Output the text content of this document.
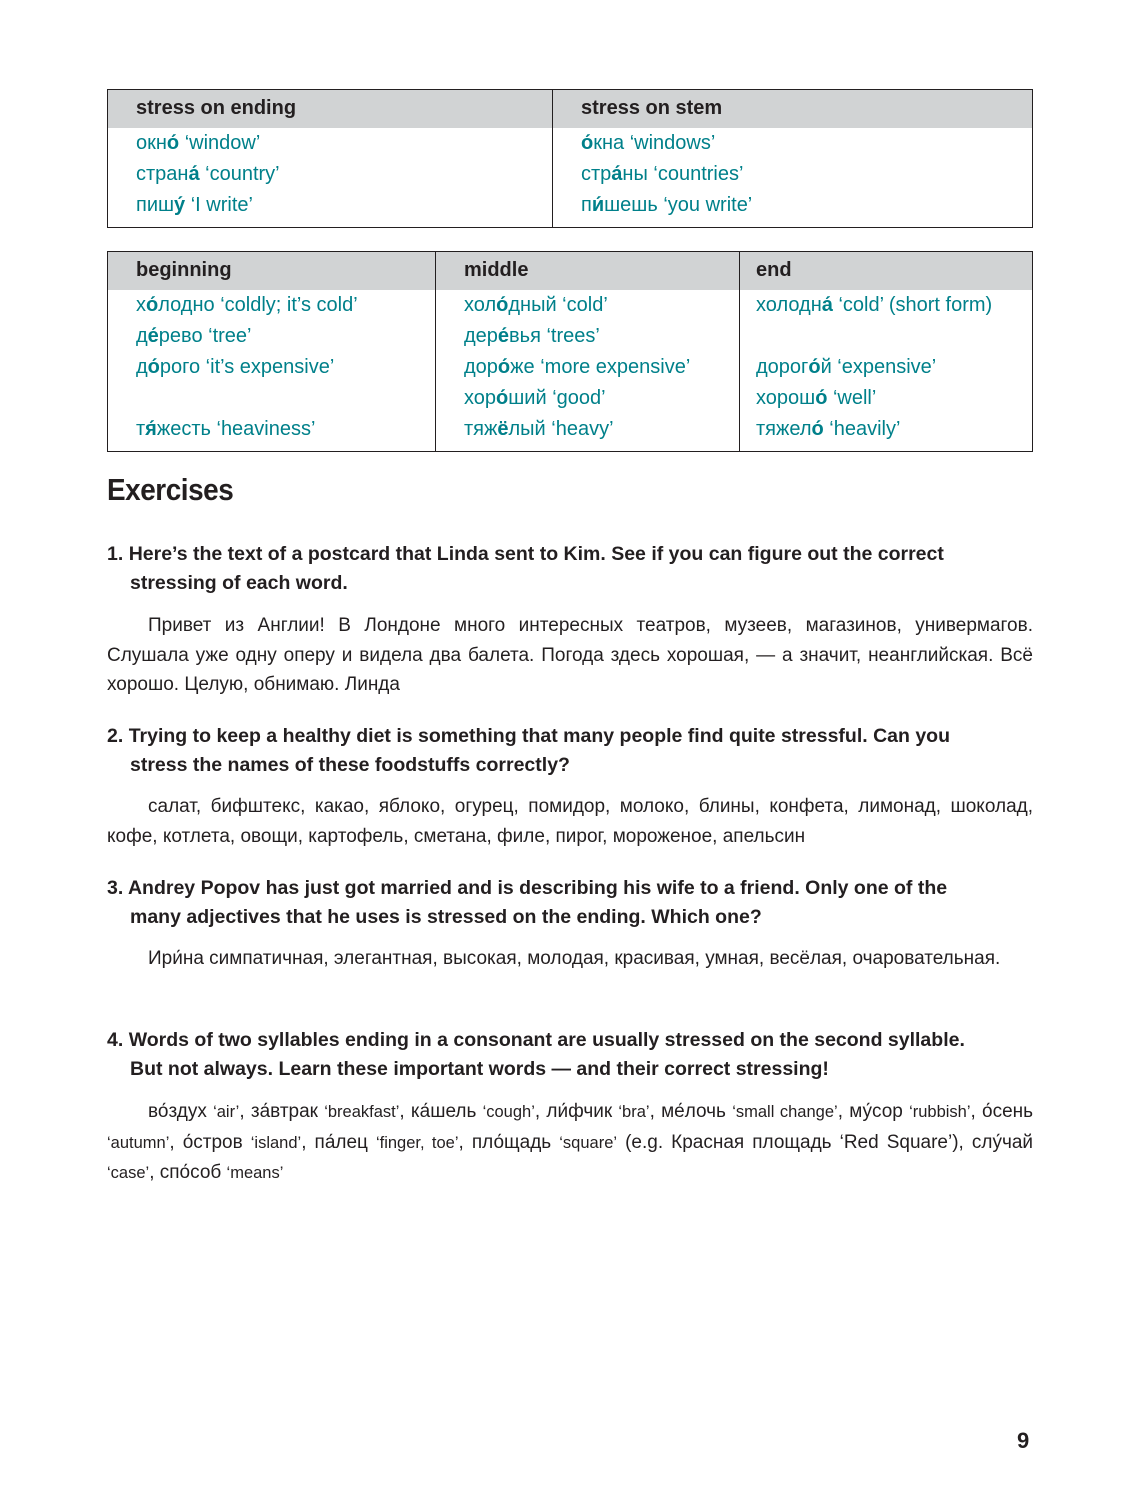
stress on ending	stress on stem
окно́ ‘window’	о́кна ‘windows’
страна́ ‘country’	стра́ны ‘countries’
пишу́ ‘I write’	пи́шешь ‘you write’
beginning	middle	end
хо́лодно ‘coldly; it’s cold’	холо́дный ‘cold’	холодна́ ‘cold’ (short form)
де́рево ‘tree’	дере́вья ‘trees’	
до́рого ‘it’s expensive’	доро́же ‘more expensive’	дорого́й ‘expensive’
	хоро́ший ‘good’	хорошо́ ‘well’
тя́жесть ‘heaviness’	тяжёлый ‘heavy’	тяжело́ ‘heavily’
Exercises
1. Here’s the text of a postcard that Linda sent to Kim. See if you can figure out the correct
stressing of each word.

Привет из Англии! В Лондоне много интересных театров, музеев, магазинов, универмагов. Слушала уже одну оперу и видела два балета. Погода здесь хорошая, — а значит, неанглийская. Всё хорошо. Целую, обнимаю. Линда

2. Trying to keep a healthy diet is something that many people find quite stressful. Can you
stress the names of these foodstuffs correctly?

салат, бифштекс, какао, яблоко, огурец, помидор, молоко, блины, конфета, лимонад, шоколад, кофе, котлета, овощи, картофель, сметана, филе, пирог, мороженое, апельсин

3. Andrey Popov has just got married and is describing his wife to a friend. Only one of the
many adjectives that he uses is stressed on the ending. Which one?

Ири́на симпатичная, элегантная, высокая, молодая, красивая, умная, весёлая, очаровательная.

4. Words of two syllables ending in a consonant are usually stressed on the second syllable.
But not always. Learn these important words — and their correct stressing!

во́здух ‘air’, за́втрак ‘breakfast’, ка́шель ‘cough’, ли́фчик ‘bra’, ме́лочь ‘small change’, му́сор ‘rubbish’, о́сень ‘autumn’, о́стров ‘island’, па́лец ‘finger, toe’, пло́щадь ‘square’ (e.g. Красная площадь ‘Red Square’), слу́чай ‘case’, спо́соб ‘means’

9
